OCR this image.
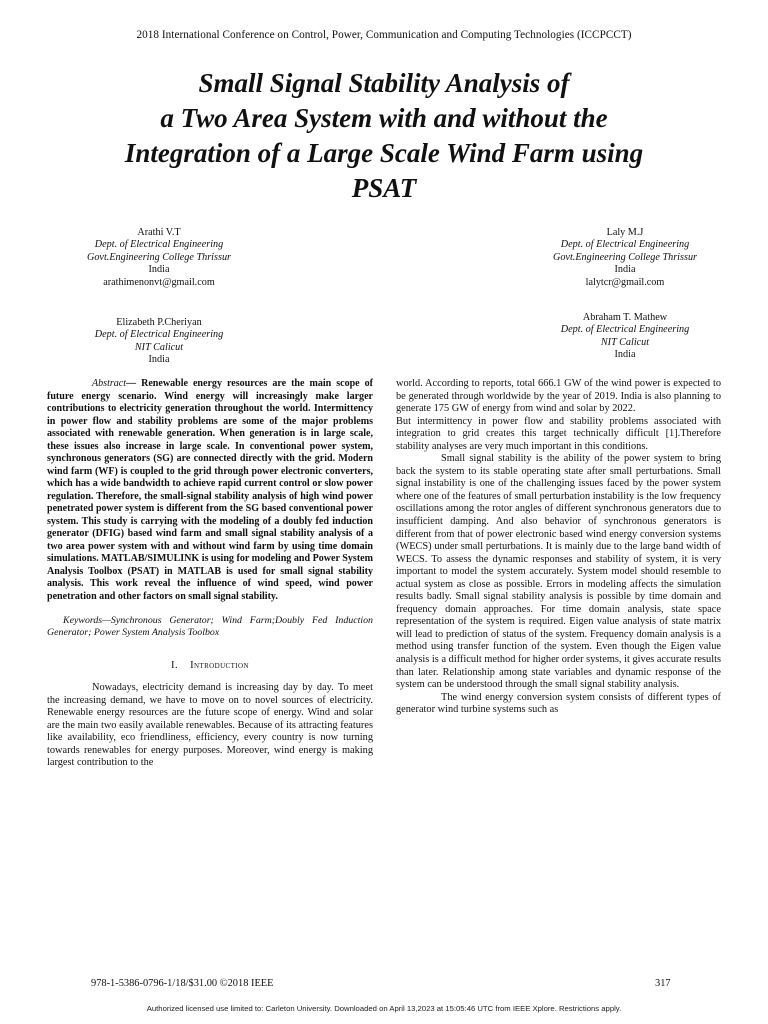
2018 International Conference on Control, Power, Communication and Computing Technologies (ICCPCCT)
Small Signal Stability Analysis of
a Two Area System with and without the
Integration of a Large Scale Wind Farm using
PSAT
Arathi V.T
Dept. of Electrical Engineering
Govt.Engineering College Thrissur
India
arathimenonvt@gmail.com
Laly M.J
Dept. of Electrical Engineering
Govt.Engineering College Thrissur
India
lalytcr@gmail.com
Elizabeth P.Cheriyan
Dept. of Electrical Engineering
NIT Calicut
India
Abraham T. Mathew
Dept. of Electrical Engineering
NIT Calicut
India

Abstract— Renewable energy resources are the main scope of future energy scenario. Wind energy will increasingly make larger contributions to electricity generation throughout the world. Intermittency in power flow and stability problems are some of the major problems associated with renewable generation. When generation is in large scale, these issues also increase in large scale. In conventional power system, synchronous generators (SG) are connected directly with the grid. Modern wind farm (WF) is coupled to the grid through power electronic converters, which has a wide bandwidth to achieve rapid current control or slow power regulation. Therefore, the small-signal stability analysis of high wind power penetrated power system is different from the SG based conventional power system. This study is carrying with the modeling of a doubly fed induction generator (DFIG) based wind farm and small signal stability analysis of a two area power system with and without wind farm by using time domain simulations. MATLAB/SIMULINK is using for modeling and Power System Analysis Toolbox (PSAT) in MATLAB is used for small signal stability analysis. This work reveal the influence of wind speed, wind power penetration and other factors on small signal stability.

Keywords—Synchronous Generator; Wind Farm;Doubly Fed Induction Generator; Power System Analysis Toolbox

I. Introduction

Nowadays, electricity demand is increasing day by day. To meet the increasing demand, we have to move on to novel sources of electricity. Renewable energy resources are the future scope of energy. Wind and solar are the main two easily available renewables. Because of its attracting features like availability, eco friendliness, efficiency, every country is now turning towards renewables for energy purposes. Moreover, wind energy is making largest contribution to the

world. According to reports, total 666.1 GW of the wind power is expected to be generated through worldwide by the year of 2019. India is also planning to generate 175 GW of energy from wind and solar by 2022.

But intermittency in power flow and stability problems associated with integration to grid creates this target technically difficult [1].Therefore stability analyses are very much important in this conditions.

Small signal stability is the ability of the power system to bring back the system to its stable operating state after small perturbations. Small signal instability is one of the challenging issues faced by the power system where one of the features of small perturbation instability is the low frequency oscillations among the rotor angles of different synchronous generators due to insufficient damping. And also behavior of synchronous generators is different from that of power electronic based wind energy conversion systems (WECS) under small perturbations. It is mainly due to the large band width of WECS. To assess the dynamic responses and stability of system, it is very important to model the system accurately. System model should resemble to actual system as close as possible. Errors in modeling affects the simulation results badly. Small signal stability analysis is possible by time domain and frequency domain approaches. For time domain analysis, state space representation of the system is required. Eigen value analysis of state matrix will lead to prediction of status of the system. Frequency domain analysis is a method using transfer function of the system. Even though the Eigen value analysis is a difficult method for higher order systems, it gives accurate results than later. Relationship among state variables and dynamic response of the system can be understood through the small signal stability analysis.

The wind energy conversion system consists of different types of generator wind turbine systems such as

978-1-5386-0796-1/18/$31.00 ©2018 IEEE	317
Authorized licensed use limited to: Carleton University. Downloaded on April 13,2023 at 15:05:46 UTC from IEEE Xplore. Restrictions apply.
